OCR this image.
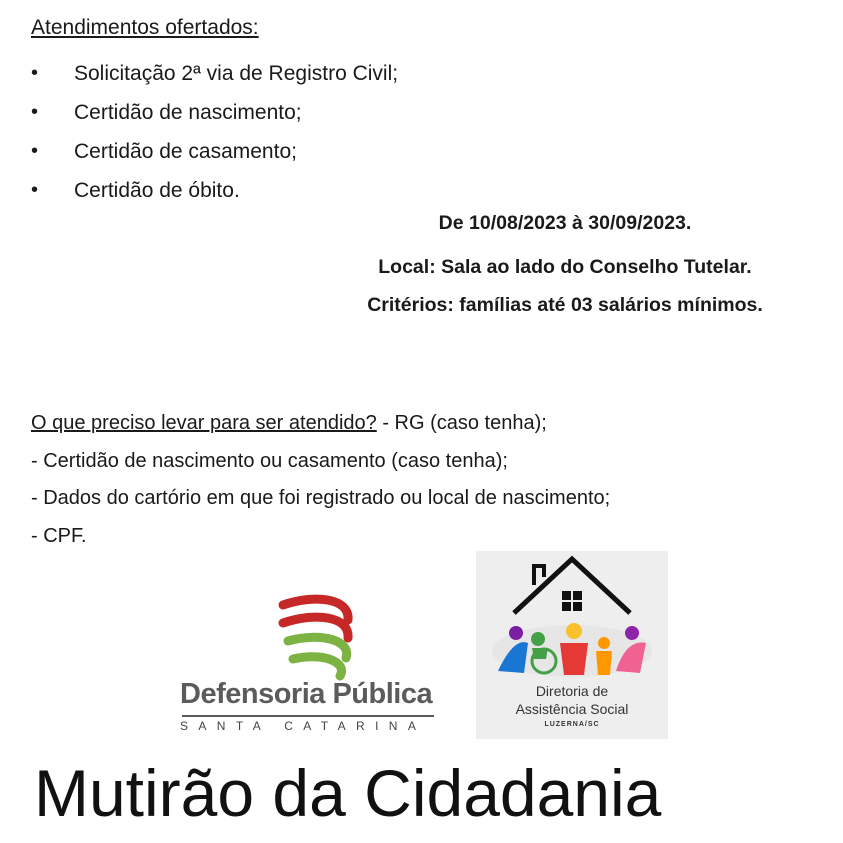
Atendimentos ofertados:
• Solicitação 2ª via de Registro Civil;
• Certidão de nascimento;
• Certidão de casamento;
• Certidão de óbito.
De 10/08/2023 à 30/09/2023.
Local: Sala ao lado do Conselho Tutelar.
Critérios: famílias até 03 salários mínimos.
O que preciso levar para ser atendido? - RG (caso tenha);
- Certidão de nascimento ou casamento (caso tenha);
- Dados do cartório em que foi registrado ou local de nascimento;
- CPF.
Defensoria Pública
SANTA CATARINA
Diretoria de
Assistência Social
LUZERNA/SC
Mutirão da Cidadania
